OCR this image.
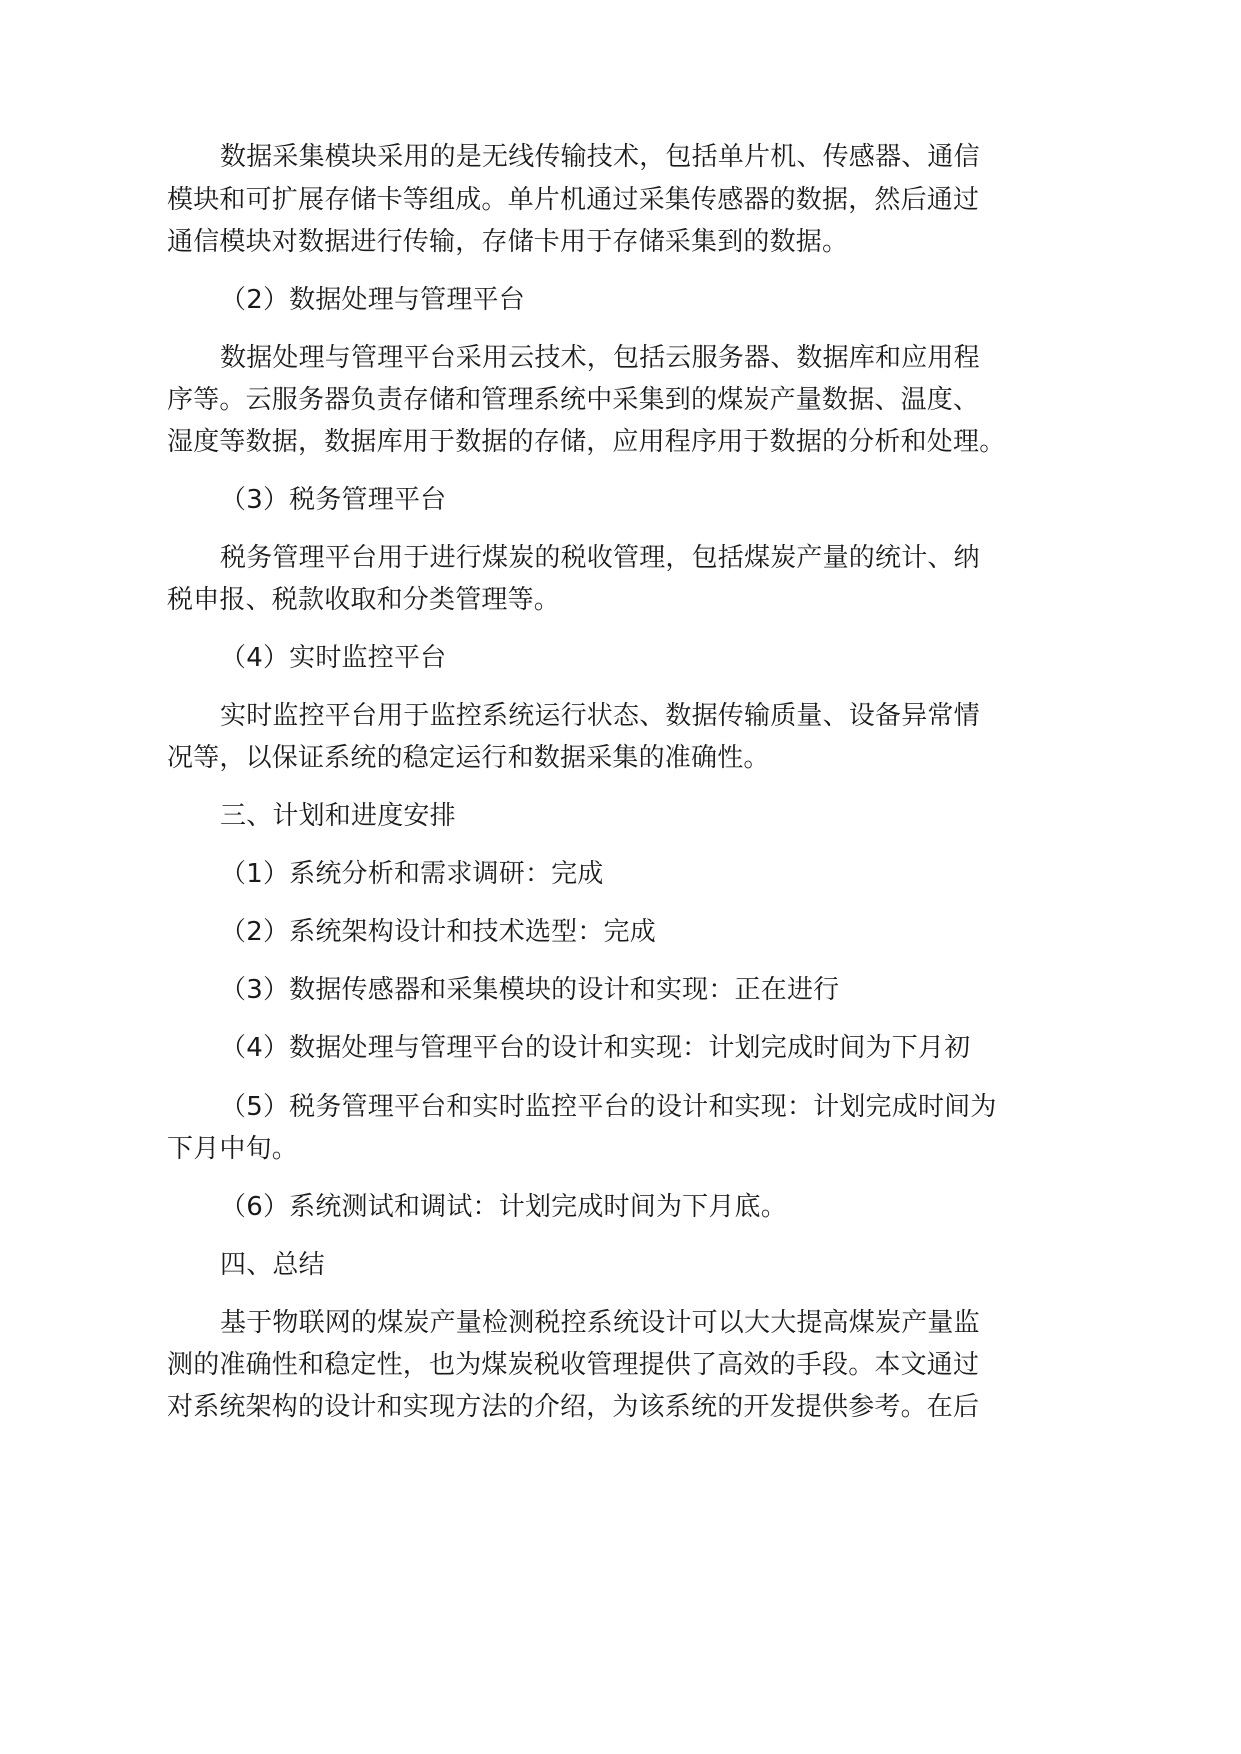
数据采集模块采用的是无线传输技术，包括单片机、传感器、通信
模块和可扩展存储卡等组成。单片机通过采集传感器的数据，然后通过
通信模块对数据进行传输，存储卡用于存储采集到的数据。
（2）数据处理与管理平台
数据处理与管理平台采用云技术，包括云服务器、数据库和应用程
序等。云服务器负责存储和管理系统中采集到的煤炭产量数据、温度、
湿度等数据，数据库用于数据的存储，应用程序用于数据的分析和处理。
（3）税务管理平台
税务管理平台用于进行煤炭的税收管理，包括煤炭产量的统计、纳
税申报、税款收取和分类管理等。
（4）实时监控平台
实时监控平台用于监控系统运行状态、数据传输质量、设备异常情
况等，以保证系统的稳定运行和数据采集的准确性。
三、计划和进度安排
（1）系统分析和需求调研：完成
（2）系统架构设计和技术选型：完成
（3）数据传感器和采集模块的设计和实现：正在进行
（4）数据处理与管理平台的设计和实现：计划完成时间为下月初
（5）税务管理平台和实时监控平台的设计和实现：计划完成时间为
下月中旬。
（6）系统测试和调试：计划完成时间为下月底。
四、总结
基于物联网的煤炭产量检测税控系统设计可以大大提高煤炭产量监
测的准确性和稳定性，也为煤炭税收管理提供了高效的手段。本文通过
对系统架构的设计和实现方法的介绍，为该系统的开发提供参考。在后
